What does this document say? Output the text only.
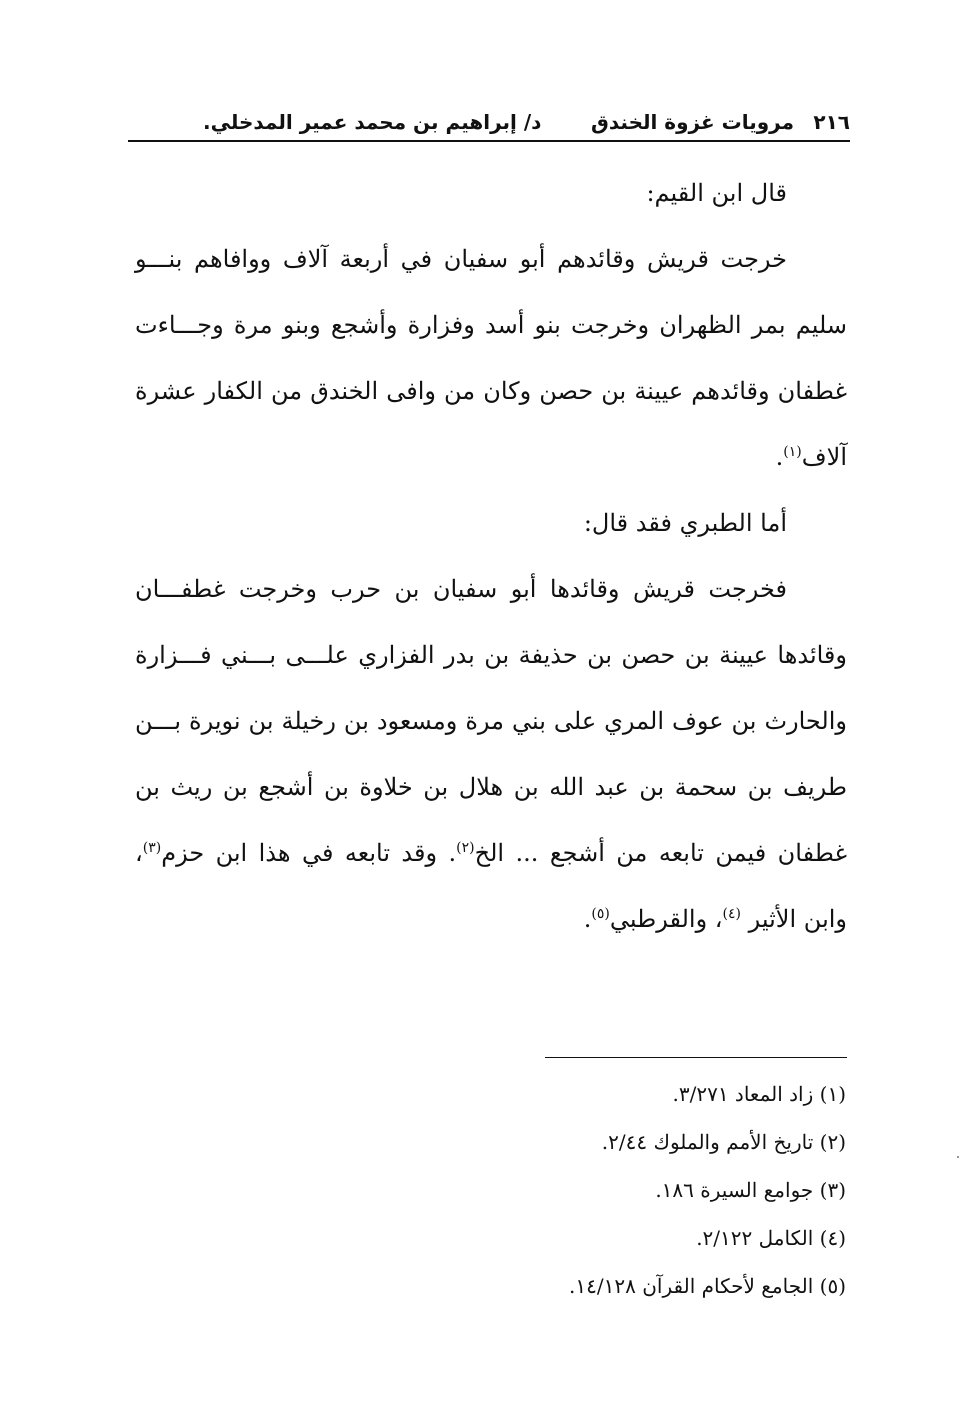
٢١٦
مرويات غزوة الخندق
د/ إبراهيم بن محمد عمير المدخلي.
قال ابن القيم:
خرجت قريش وقائدهم أبو سفيان في أربعة آلاف ووافاهم بنـــو
سليم بمر الظهران وخرجت بنو أسد وفزارة وأشجع وبنو مرة وجـــاءت
غطفان وقائدهم عيينة بن حصن وكان من وافى الخندق من الكفار عشرة
آلاف$^{(١)}$.
أما الطبري فقد قال:
فخرجت قريش وقائدها أبو سفيان بن حرب وخرجت غطفـــان
وقائدها عيينة بن حصن بن حذيفة بن بدر الفزاري علـــى بـــني فـــزارة
والحارث بن عوف المري على بني مرة ومسعود بن رخيلة بن نويرة بـــن
طريف بن سحمة بن عبد الله بن هلال بن خلاوة بن أشجع بن ريث بن
غطفان فيمن تابعه من أشجع ... الخ$^{(٢)}$. وقد تابعه في هذا ابن حزم$^{(٣)}$،
وابن الأثير $^{(٤)}$، والقرطبي$^{(٥)}$.
(١) زاد المعاد ٣/٢٧١.
(٢) تاريخ الأمم والملوك ٢/٤٤.
(٣) جوامع السيرة ١٨٦.
(٤) الكامل ٢/١٢٢.
(٥) الجامع لأحكام القرآن ١٤/١٢٨.
